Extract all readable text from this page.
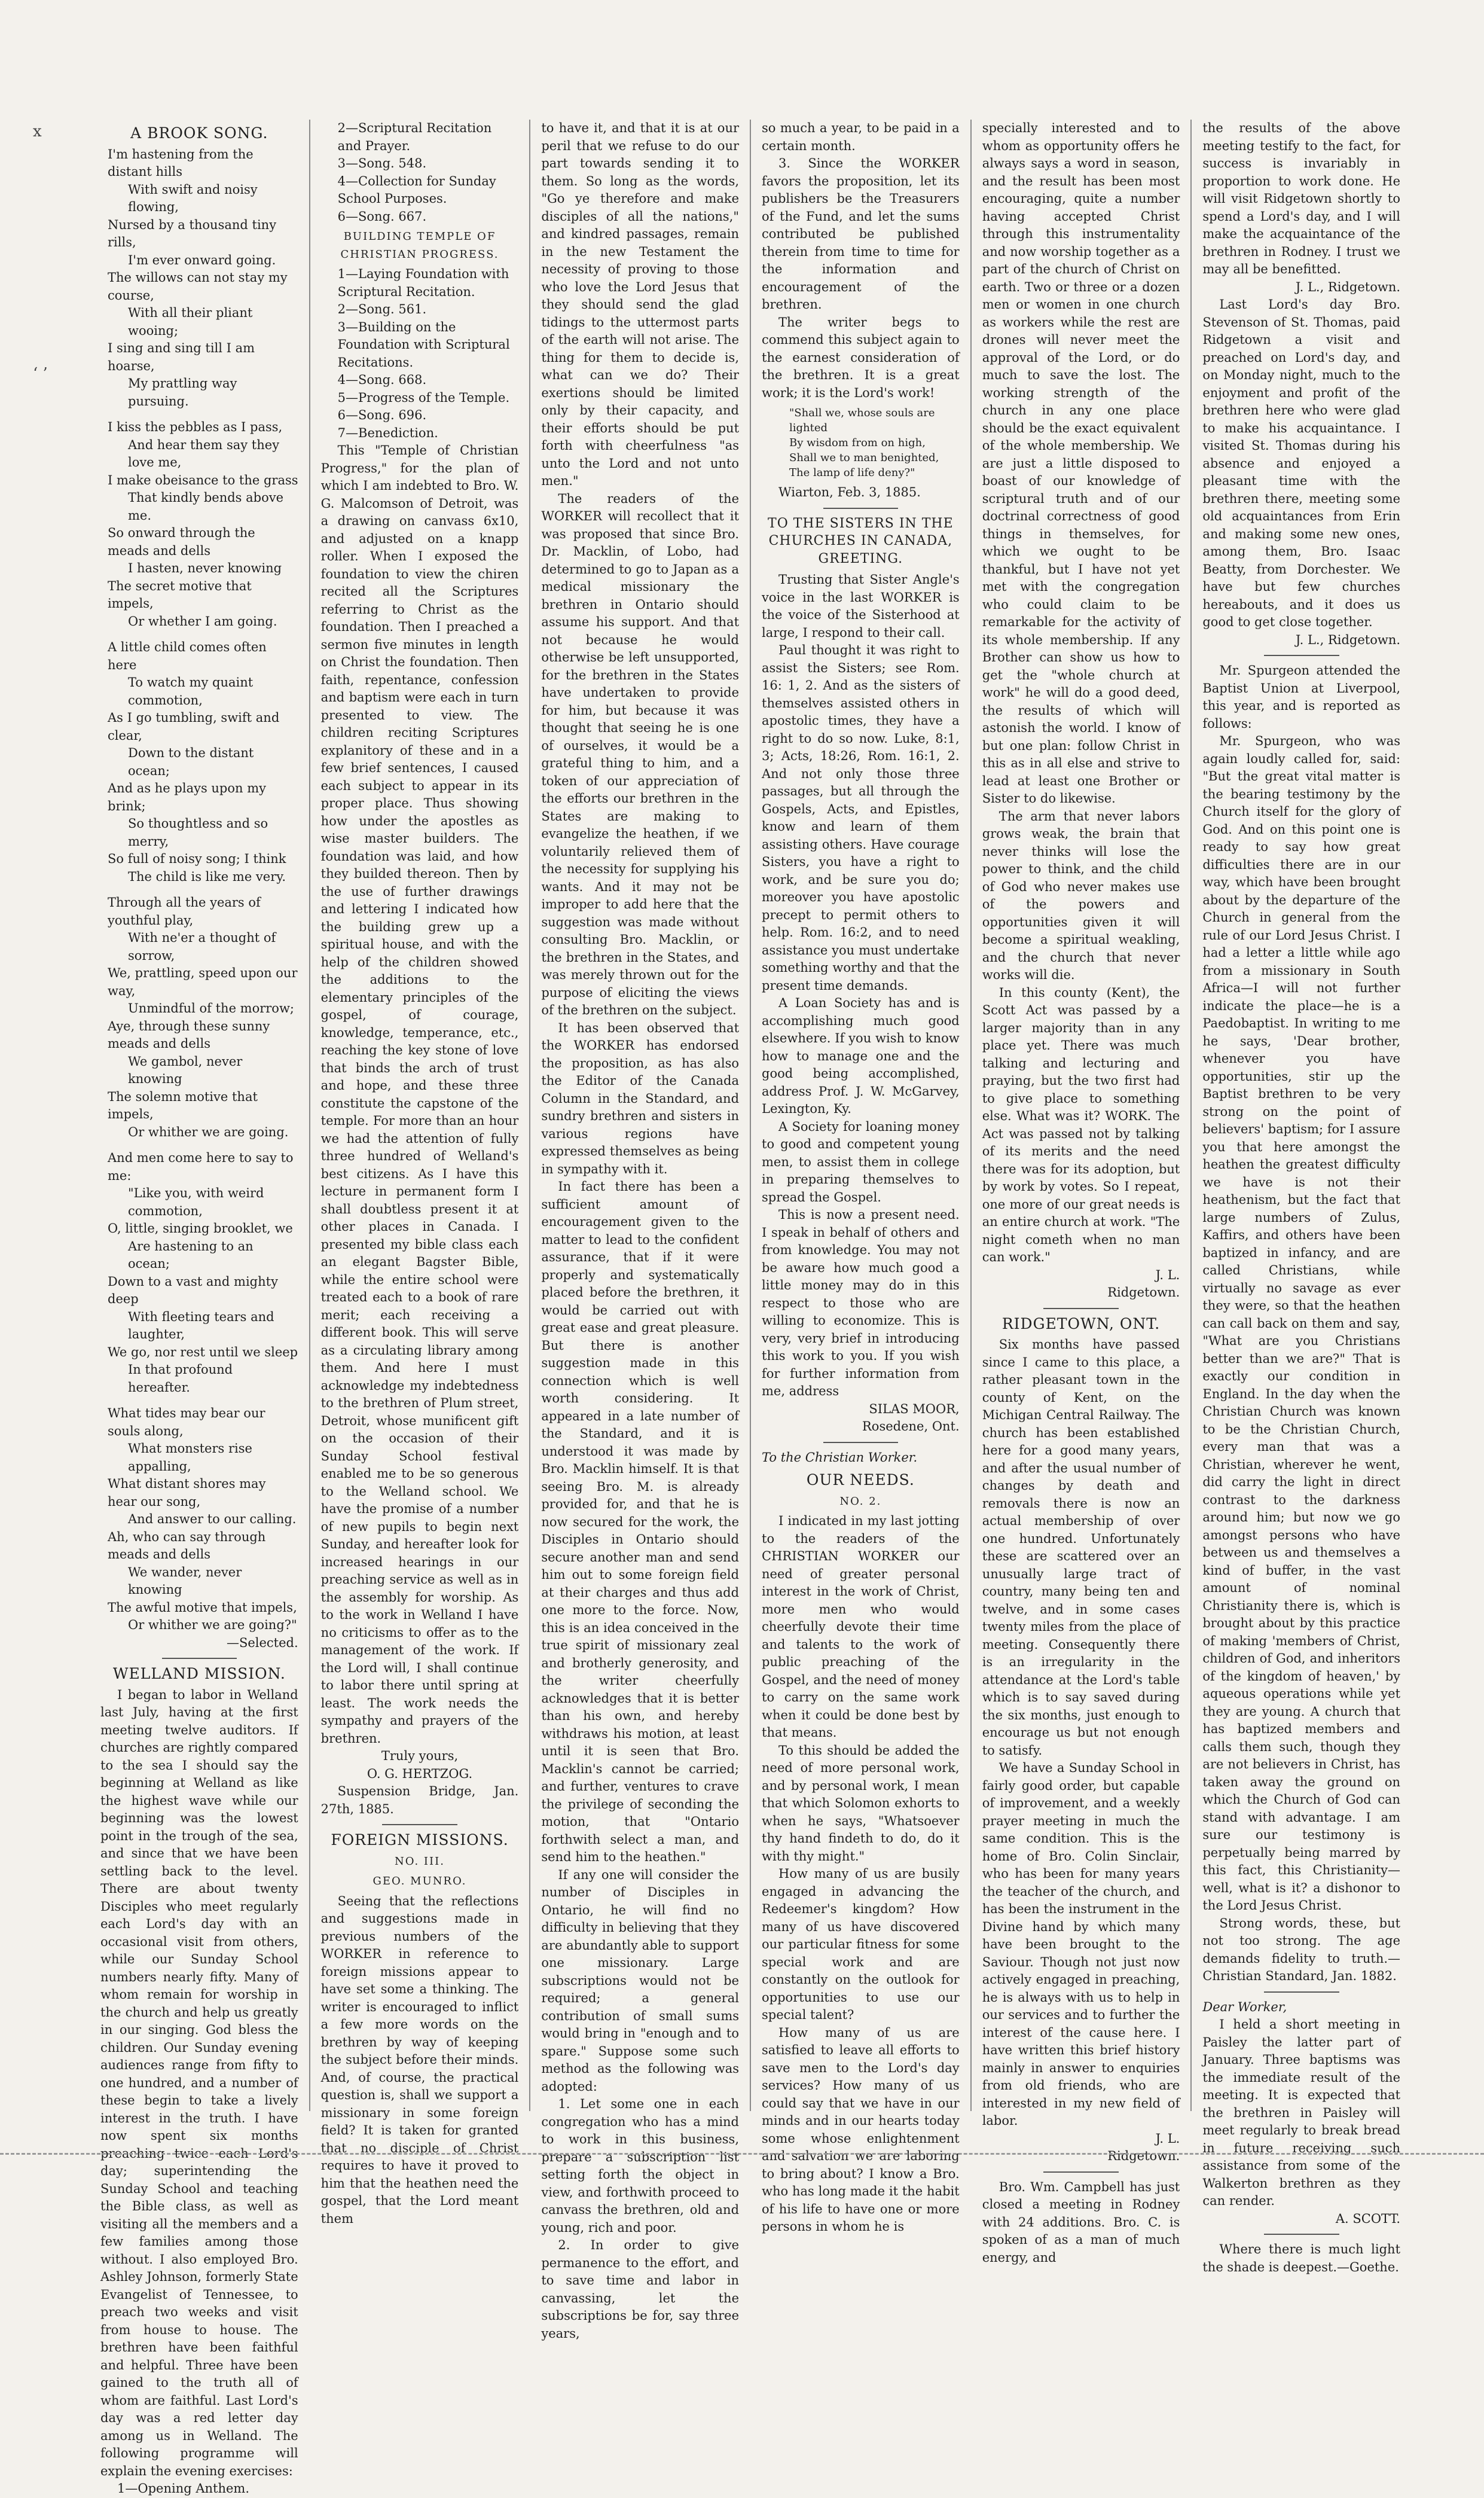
x
‘ ’
A BROOK SONG.
I'm hastening from the distant hills
With swift and noisy flowing,
Nursed by a thousand tiny rills,
I'm ever onward going.
The willows can not stay my course,
With all their pliant wooing;
I sing and sing till I am hoarse,
My prattling way pursuing.
I kiss the pebbles as I pass,
And hear them say they love me,
I make obeisance to the grass
That kindly bends above me.
So onward through the meads and dells
I hasten, never knowing
The secret motive that impels,
Or whether I am going.
A little child comes often here
To watch my quaint commotion,
As I go tumbling, swift and clear,
Down to the distant ocean;
And as he plays upon my brink;
So thoughtless and so merry,
So full of noisy song; I think
The child is like me very.
Through all the years of youthful play,
With ne'er a thought of sorrow,
We, prattling, speed upon our way,
Unmindful of the morrow;
Aye, through these sunny meads and dells
We gambol, never knowing
The solemn motive that impels,
Or whither we are going.
And men come here to say to me:
"Like you, with weird commotion,
O, little, singing brooklet, we
Are hastening to an ocean;
Down to a vast and mighty deep
With fleeting tears and laughter,
We go, nor rest until we sleep
In that profound hereafter.
What tides may bear our souls along,
What monsters rise appalling,
What distant shores may hear our song,
And answer to our calling.
Ah, who can say through meads and dells
We wander, never knowing
The awful motive that impels,
Or whither we are going?"

—Selected.

WELLAND MISSION.

I began to labor in Welland last July, having at the first meeting twelve auditors. If churches are rightly compared to the sea I should say the beginning at Welland as like the highest wave while our beginning was the lowest point in the trough of the sea, and since that we have been settling back to the level. There are about twenty Disciples who meet regularly each Lord's day with an occasional visit from others, while our Sunday School numbers nearly fifty. Many of whom remain for worship in the church and help us greatly in our singing. God bless the children. Our Sunday evening audiences range from fifty to one hundred, and a number of these begin to take a lively interest in the truth. I have now spent six months preaching twice each Lord's day; superintending the Sunday School and teaching the Bible class, as well as visiting all the members and a few families among those without. I also employed Bro. Ashley Johnson, formerly State Evangelist of Tennessee, to preach two weeks and visit from house to house. The brethren have been faithful and helpful. Three have been gained to the truth all of whom are faithful. Last Lord's day was a red letter day among us in Welland. The following programme will explain the evening exercises:

1—Opening Anthem.
2—Scriptural Recitation and Prayer.
3—Song. 548.
4—Collection for Sunday School Purposes.
6—Song. 667.
BUILDING TEMPLE OF CHRISTIAN PROGRESS.
1—Laying Foundation with Scriptural Recitation.
2—Song. 561.
3—Building on the Foundation with Scriptural Recitations.
4—Song. 668.
5—Progress of the Temple.
6—Song. 696.
7—Benediction.

This "Temple of Christian Progress," for the plan of which I am indebted to Bro. W. G. Malcomson of Detroit, was a drawing on canvass 6x10, and adjusted on a knapp roller. When I exposed the foundation to view the chiren recited all the Scriptures referring to Christ as the foundation. Then I preached a sermon five minutes in length on Christ the foundation. Then faith, repentance, confession and baptism were each in turn presented to view. The children reciting Scriptures explanitory of these and in a few brief sentences, I caused each subject to appear in its proper place. Thus showing how under the apostles as wise master builders. The foundation was laid, and how they builded thereon. Then by the use of further drawings and lettering I indicated how the building grew up a spiritual house, and with the help of the children showed the additions to the elementary principles of the gospel, of courage, knowledge, temperance, etc., reaching the key stone of love that binds the arch of trust and hope, and these three constitute the capstone of the temple. For more than an hour we had the attention of fully three hundred of Welland's best citizens. As I have this lecture in permanent form I shall doubtless present it at other places in Canada. I presented my bible class each an elegant Bagster Bible, while the entire school were treated each to a book of rare merit; each receiving a different book. This will serve as a circulating library among them. And here I must acknowledge my indebtedness to the brethren of Plum street, Detroit, whose munificent gift on the occasion of their Sunday School festival enabled me to be so generous to the Welland school. We have the promise of a number of new pupils to begin next Sunday, and hereafter look for increased hearings in our preaching service as well as in the assembly for worship. As to the work in Welland I have no criticisms to offer as to the management of the work. If the Lord will, I shall continue to labor there until spring at least. The work needs the sympathy and prayers of the brethren.

Truly yours,

O. G. HERTZOG.

Suspension Bridge, Jan. 27th, 1885.

FOREIGN MISSIONS.
NO. III.
GEO. MUNRO.

Seeing that the reflections and suggestions made in previous numbers of the WORKER in reference to foreign missions appear to have set some a thinking. The writer is encouraged to inflict a few more words on the brethren by way of keeping the subject before their minds. And, of course, the practical question is, shall we support a missionary in some foreign field? It is taken for granted that no disciple of Christ requires to have it proved to him that the heathen need the gospel, that the Lord meant them

to have it, and that it is at our peril that we refuse to do our part towards sending it to them. So long as the words, "Go ye therefore and make disciples of all the nations," and kindred passages, remain in the new Testament the necessity of proving to those who love the Lord Jesus that they should send the glad tidings to the uttermost parts of the earth will not arise. The thing for them to decide is, what can we do? Their exertions should be limited only by their capacity, and their efforts should be put forth with cheerfulness "as unto the Lord and not unto men."

The readers of the WORKER will recollect that it was proposed that since Bro. Dr. Macklin, of Lobo, had determined to go to Japan as a medical missionary the brethren in Ontario should assume his support. And that not because he would otherwise be left unsupported, for the brethren in the States have undertaken to provide for him, but because it was thought that seeing he is one of ourselves, it would be a grateful thing to him, and a token of our appreciation of the efforts our brethren in the States are making to evangelize the heathen, if we voluntarily relieved them of the necessity for supplying his wants. And it may not be improper to add here that the suggestion was made without consulting Bro. Macklin, or the brethren in the States, and was merely thrown out for the purpose of eliciting the views of the brethren on the subject.

It has been observed that the WORKER has endorsed the proposition, as has also the Editor of the Canada Column in the Standard, and sundry brethren and sisters in various regions have expressed themselves as being in sympathy with it.

In fact there has been a sufficient amount of encouragement given to the matter to lead to the confident assurance, that if it were properly and systematically placed before the brethren, it would be carried out with great ease and great pleasure. But there is another suggestion made in this connection which is well worth considering. It appeared in a late number of the Standard, and it is understood it was made by Bro. Macklin himself. It is that seeing Bro. M. is already provided for, and that he is now secured for the work, the Disciples in Ontario should secure another man and send him out to some foreign field at their charges and thus add one more to the force. Now, this is an idea conceived in the true spirit of missionary zeal and brotherly generosity, and the writer cheerfully acknowledges that it is better than his own, and hereby withdraws his motion, at least until it is seen that Bro. Macklin's cannot be carried; and further, ventures to crave the privilege of seconding the motion, that "Ontario forthwith select a man, and send him to the heathen."

If any one will consider the number of Disciples in Ontario, he will find no difficulty in believing that they are abundantly able to support one missionary. Large subscriptions would not be required; a general contribution of small sums would bring in "enough and to spare." Suppose some such method as the following was adopted:

1. Let some one in each congregation who has a mind to work in this business, prepare a subscription list setting forth the object in view, and forthwith proceed to canvass the brethren, old and young, rich and poor.

2. In order to give permanence to the effort, and to save time and labor in canvassing, let the subscriptions be for, say three years,

so much a year, to be paid in a certain month.

3. Since the WORKER favors the proposition, let its publishers be the Treasurers of the Fund, and let the sums contributed be published therein from time to time for the information and encouragement of the brethren.

The writer begs to commend this subject again to the earnest consideration of the brethren. It is a great work; it is the Lord's work!

"Shall we, whose souls are lighted
By wisdom from on high,
Shall we to man benighted,
The lamp of life deny?"

Wiarton, Feb. 3, 1885.

TO THE SISTERS IN THE CHURCHES IN CANADA, GREETING.

Trusting that Sister Angle's voice in the last WORKER is the voice of the Sisterhood at large, I respond to their call.

Paul thought it was right to assist the Sisters; see Rom. 16: 1, 2. And as the sisters of themselves assisted others in apostolic times, they have a right to do so now. Luke, 8:1, 3; Acts, 18:26, Rom. 16:1, 2. And not only those three passages, but all through the Gospels, Acts, and Epistles, know and learn of them assisting others. Have courage Sisters, you have a right to work, and be sure you do; moreover you have apostolic precept to permit others to help. Rom. 16:2, and to need assistance you must undertake something worthy and that the present time demands.

A Loan Society has and is accomplishing much good elsewhere. If you wish to know how to manage one and the good being accomplished, address Prof. J. W. McGarvey, Lexington, Ky.

A Society for loaning money to good and competent young men, to assist them in college in preparing themselves to spread the Gospel.

This is now a present need. I speak in behalf of others and from knowledge. You may not be aware how much good a little money may do in this respect to those who are willing to economize. This is very, very brief in introducing this work to you. If you wish for further information from me, address

SILAS MOOR,

Rosedene, Ont.

To the Christian Worker.

OUR NEEDS.
NO. 2.

I indicated in my last jotting to the readers of the CHRISTIAN WORKER our need of greater personal interest in the work of Christ, more men who would cheerfully devote their time and talents to the work of public preaching of the Gospel, and the need of money to carry on the same work when it could be done best by that means.

To this should be added the need of more personal work, and by personal work, I mean that which Solomon exhorts to when he says, "Whatsoever thy hand findeth to do, do it with thy might."

How many of us are busily engaged in advancing the Redeemer's kingdom? How many of us have discovered our particular fitness for some special work and are constantly on the outlook for opportunities to use our special talent?

How many of us are satisfied to leave all efforts to save men to the Lord's day services? How many of us could say that we have in our minds and in our hearts today some whose enlightenment and salvation we are laboring to bring about? I know a Bro. who has long made it the habit of his life to have one or more persons in whom he is

specially interested and to whom as opportunity offers he always says a word in season, and the result has been most encouraging, quite a number having accepted Christ through this instrumentality and now worship together as a part of the church of Christ on earth. Two or three or a dozen men or women in one church as workers while the rest are drones will never meet the approval of the Lord, or do much to save the lost. The working strength of the church in any one place should be the exact equivalent of the whole membership. We are just a little disposed to boast of our knowledge of scriptural truth and of our doctrinal correctness of good things in themselves, for which we ought to be thankful, but I have not yet met with the congregation who could claim to be remarkable for the activity of its whole membership. If any Brother can show us how to get the "whole church at work" he will do a good deed, the results of which will astonish the world. I know of but one plan: follow Christ in this as in all else and strive to lead at least one Brother or Sister to do likewise.

The arm that never labors grows weak, the brain that never thinks will lose the power to think, and the child of God who never makes use of the powers and opportunities given it will become a spiritual weakling, and the church that never works will die.

In this county (Kent), the Scott Act was passed by a larger majority than in any place yet. There was much talking and lecturing and praying, but the two first had to give place to something else. What was it? WORK. The Act was passed not by talking of its merits and the need there was for its adoption, but by work by votes. So I repeat, one more of our great needs is an entire church at work. "The night cometh when no man can work."

J. L.

Ridgetown.

RIDGETOWN, ONT.

Six months have passed since I came to this place, a rather pleasant town in the county of Kent, on the Michigan Central Railway. The church has been established here for a good many years, and after the usual number of changes by death and removals there is now an actual membership of over one hundred. Unfortunately these are scattered over an unusually large tract of country, many being ten and twelve, and in some cases twenty miles from the place of meeting. Consequently there is an irregularity in the attendance at the Lord's table which is to say saved during the six months, just enough to encourage us but not enough to satisfy.

We have a Sunday School in fairly good order, but capable of improvement, and a weekly prayer meeting in much the same condition. This is the home of Bro. Colin Sinclair, who has been for many years the teacher of the church, and has been the instrument in the Divine hand by which many have been brought to the Saviour. Though not just now actively engaged in preaching, he is always with us to help in our services and to further the interest of the cause here. I have written this brief history mainly in answer to enquiries from old friends, who are interested in my new field of labor.

J. L.

Ridgetown.

Bro. Wm. Campbell has just closed a meeting in Rodney with 24 additions. Bro. C. is spoken of as a man of much energy, and

the results of the above meeting testify to the fact, for success is invariably in proportion to work done. He will visit Ridgetown shortly to spend a Lord's day, and I will make the acquaintance of the brethren in Rodney. I trust we may all be benefitted.

J. L., Ridgetown.

Last Lord's day Bro. Stevenson of St. Thomas, paid Ridgetown a visit and preached on Lord's day, and on Monday night, much to the enjoyment and profit of the brethren here who were glad to make his acquaintance. I visited St. Thomas during his absence and enjoyed a pleasant time with the brethren there, meeting some old acquaintances from Erin and making some new ones, among them, Bro. Isaac Beatty, from Dorchester. We have but few churches hereabouts, and it does us good to get close together.

J. L., Ridgetown.

Mr. Spurgeon attended the Baptist Union at Liverpool, this year, and is reported as follows:

Mr. Spurgeon, who was again loudly called for, said: "But the great vital matter is the bearing testimony by the Church itself for the glory of God. And on this point one is ready to say how great difficulties there are in our way, which have been brought about by the departure of the Church in general from the rule of our Lord Jesus Christ. I had a letter a little while ago from a missionary in South Africa—I will not further indicate the place—he is a Paedobaptist. In writing to me he says, 'Dear brother, whenever you have opportunities, stir up the Baptist brethren to be very strong on the point of believers' baptism; for I assure you that here amongst the heathen the greatest difficulty we have is not their heathenism, but the fact that large numbers of Zulus, Kaffirs, and others have been baptized in infancy, and are called Christians, while virtually no savage as ever they were, so that the heathen can call back on them and say, "What are you Christians better than we are?" That is exactly our condition in England. In the day when the Christian Church was known to be the Christian Church, every man that was a Christian, wherever he went, did carry the light in direct contrast to the darkness around him; but now we go amongst persons who have between us and themselves a kind of buffer, in the vast amount of nominal Christianity there is, which is brought about by this practice of making 'members of Christ, children of God, and inheritors of the kingdom of heaven,' by aqueous operations while yet they are young. A church that has baptized members and calls them such, though they are not believers in Christ, has taken away the ground on which the Church of God can stand with advantage. I am sure our testimony is perpetually being marred by this fact, this Christianity—well, what is it? a dishonor to the Lord Jesus Christ.

Strong words, these, but not too strong. The age demands fidelity to truth.—Christian Standard, Jan. 1882.

Dear Worker,

I held a short meeting in Paisley the latter part of January. Three baptisms was the immediate result of the meeting. It is expected that the brethren in Paisley will meet regularly to break bread in future receiving such assistance from some of the Walkerton brethren as they can render.

A. SCOTT.

Where there is much light the shade is deepest.—Goethe.
